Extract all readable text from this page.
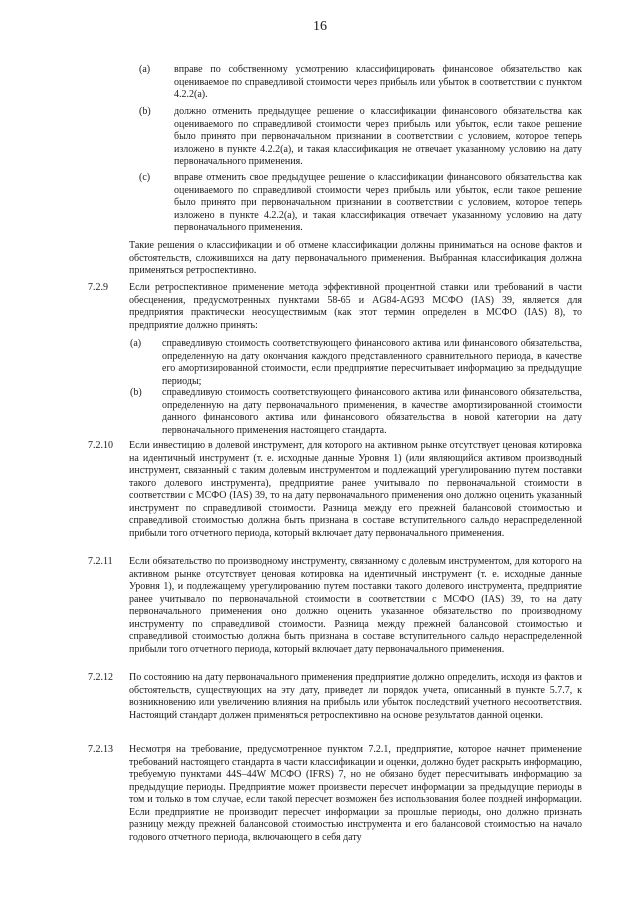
16

(a)	вправе по собственному усмотрению классифицировать финансовое обязательство как оцениваемое по справедливой стоимости через прибыль или убыток в соответствии с пунктом 4.2.2(а).

(b)	должно отменить предыдущее решение о классификации финансового обязательства как оцениваемого по справедливой стоимости через прибыль или убыток, если такое решение было принято при первоначальном признании в соответствии с условием, которое теперь изложено в пункте 4.2.2(а), и такая классификация не отвечает указанному условию на дату первоначального применения.

(c)	вправе отменить свое предыдущее решение о классификации финансового обязательства как оцениваемого по справедливой стоимости через прибыль или убыток, если такое решение было принято при первоначальном признании в соответствии с условием, которое теперь изложено в пункте 4.2.2(а), и такая классификация отвечает указанному условию на дату первоначального применения.

Такие решения о классификации и об отмене классификации должны приниматься на основе фактов и обстоятельств, сложившихся на дату первоначального применения. Выбранная классификация должна применяться ретроспективно.

7.2.9	Если ретроспективное применение метода эффективной процентной ставки или требований в части обесценения, предусмотренных пунктами 58-65 и AG84-AG93 МСФО (IAS) 39, является для предприятия практически неосуществимым (как этот термин определен в МСФО (IAS) 8), то предприятие должно принять:

(a)	справедливую стоимость соответствующего финансового актива или финансового обязательства, определенную на дату окончания каждого представленного сравнительного периода, в качестве его амортизированной стоимости, если предприятие пересчитывает информацию за предыдущие периоды;

(b)	справедливую стоимость соответствующего финансового актива или финансового обязательства, определенную на дату первоначального применения, в качестве амортизированной стоимости данного финансового актива или финансового обязательства в новой категории на дату первоначального применения настоящего стандарта.

7.2.10	Если инвестицию в долевой инструмент, для которого на активном рынке отсутствует ценовая котировка на идентичный инструмент (т. е. исходные данные Уровня 1) (или являющийся активом производный инструмент, связанный с таким долевым инструментом и подлежащий урегулированию путем поставки такого долевого инструмента), предприятие ранее учитывало по первоначальной стоимости в соответствии с МСФО (IAS) 39, то на дату первоначального применения оно должно оценить указанный инструмент по справедливой стоимости. Разница между его прежней балансовой стоимостью и справедливой стоимостью должна быть признана в составе вступительного сальдо нераспределенной прибыли того отчетного периода, который включает дату первоначального применения.

7.2.11	Если обязательство по производному инструменту, связанному с долевым инструментом, для которого на активном рынке отсутствует ценовая котировка на идентичный инструмент (т. е. исходные данные Уровня 1), и подлежащему урегулированию путем поставки такого долевого инструмента, предприятие ранее учитывало по первоначальной стоимости в соответствии с МСФО (IAS) 39, то на дату первоначального применения оно должно оценить указанное обязательство по производному инструменту по справедливой стоимости. Разница между прежней балансовой стоимостью и справедливой стоимостью должна быть признана в составе вступительного сальдо нераспределенной прибыли того отчетного периода, который включает дату первоначального применения.

7.2.12	По состоянию на дату первоначального применения предприятие должно определить, исходя из фактов и обстоятельств, существующих на эту дату, приведет ли порядок учета, описанный в пункте 5.7.7, к возникновению или увеличению влияния на прибыль или убыток последствий учетного несоответствия. Настоящий стандарт должен применяться ретроспективно на основе результатов данной оценки.

7.2.13	Несмотря на требование, предусмотренное пунктом 7.2.1, предприятие, которое начнет применение требований настоящего стандарта в части классификации и оценки, должно будет раскрыть информацию, требуемую пунктами 44S–44W МСФО (IFRS) 7, но не обязано будет пересчитывать информацию за предыдущие периоды. Предприятие может произвести пересчет информации за предыдущие периоды в том и только в том случае, если такой пересчет возможен без использования более поздней информации. Если предприятие не производит пересчет информации за прошлые периоды, оно должно признать разницу между прежней балансовой стоимостью инструмента и его балансовой стоимостью на начало годового отчетного периода, включающего в себя дату
